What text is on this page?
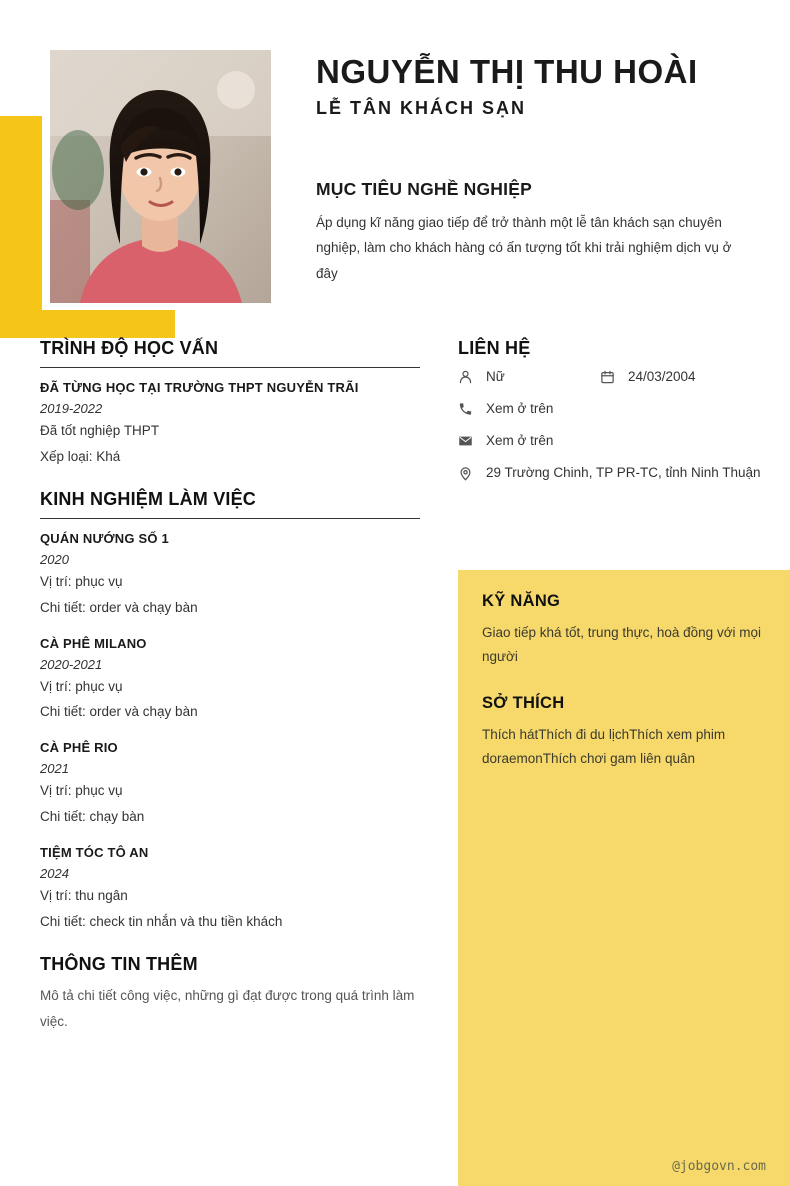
NGUYỄN THỊ THU HOÀI
LỄ TÂN KHÁCH SẠN
MỤC TIÊU NGHỀ NGHIỆP

Áp dụng kĩ năng giao tiếp để trở thành một lễ tân khách sạn chuyên nghiệp, làm cho khách hàng có ấn tượng tốt khi trải nghiệm dịch vụ ở đây

TRÌNH ĐỘ HỌC VẤN
ĐÃ TỪNG HỌC TẠI TRƯỜNG THPT NGUYỄN TRÃI
2019-2022
Đã tốt nghiệp THPT
Xếp loại: Khá
KINH NGHIỆM LÀM VIỆC
QUÁN NƯỚNG SỐ 1
2020
Vị trí: phục vụ
Chi tiết: order và chạy bàn
CÀ PHÊ MILANO
2020-2021
Vị trí: phục vụ
Chi tiết: order và chạy bàn
CÀ PHÊ RIO
2021
Vị trí: phục vụ
Chi tiết: chạy bàn
TIỆM TÓC TÔ AN
2024
Vị trí: thu ngân
Chi tiết: check tin nhắn và thu tiền khách
THÔNG TIN THÊM

Mô tả chi tiết công việc, những gì đạt được trong quá trình làm việc.

LIÊN HỆ
Nữ	24/03/2004
Xem ở trên
Xem ở trên
29 Trường Chinh, TP PR-TC, tỉnh Ninh Thuận
KỸ NĂNG

Giao tiếp khá tốt, trung thực, hoà đồng với mọi người

SỞ THÍCH

Thích hátThích đi du lịchThích xem phim doraemonThích chơi gam liên quân

@jobgovn.com
